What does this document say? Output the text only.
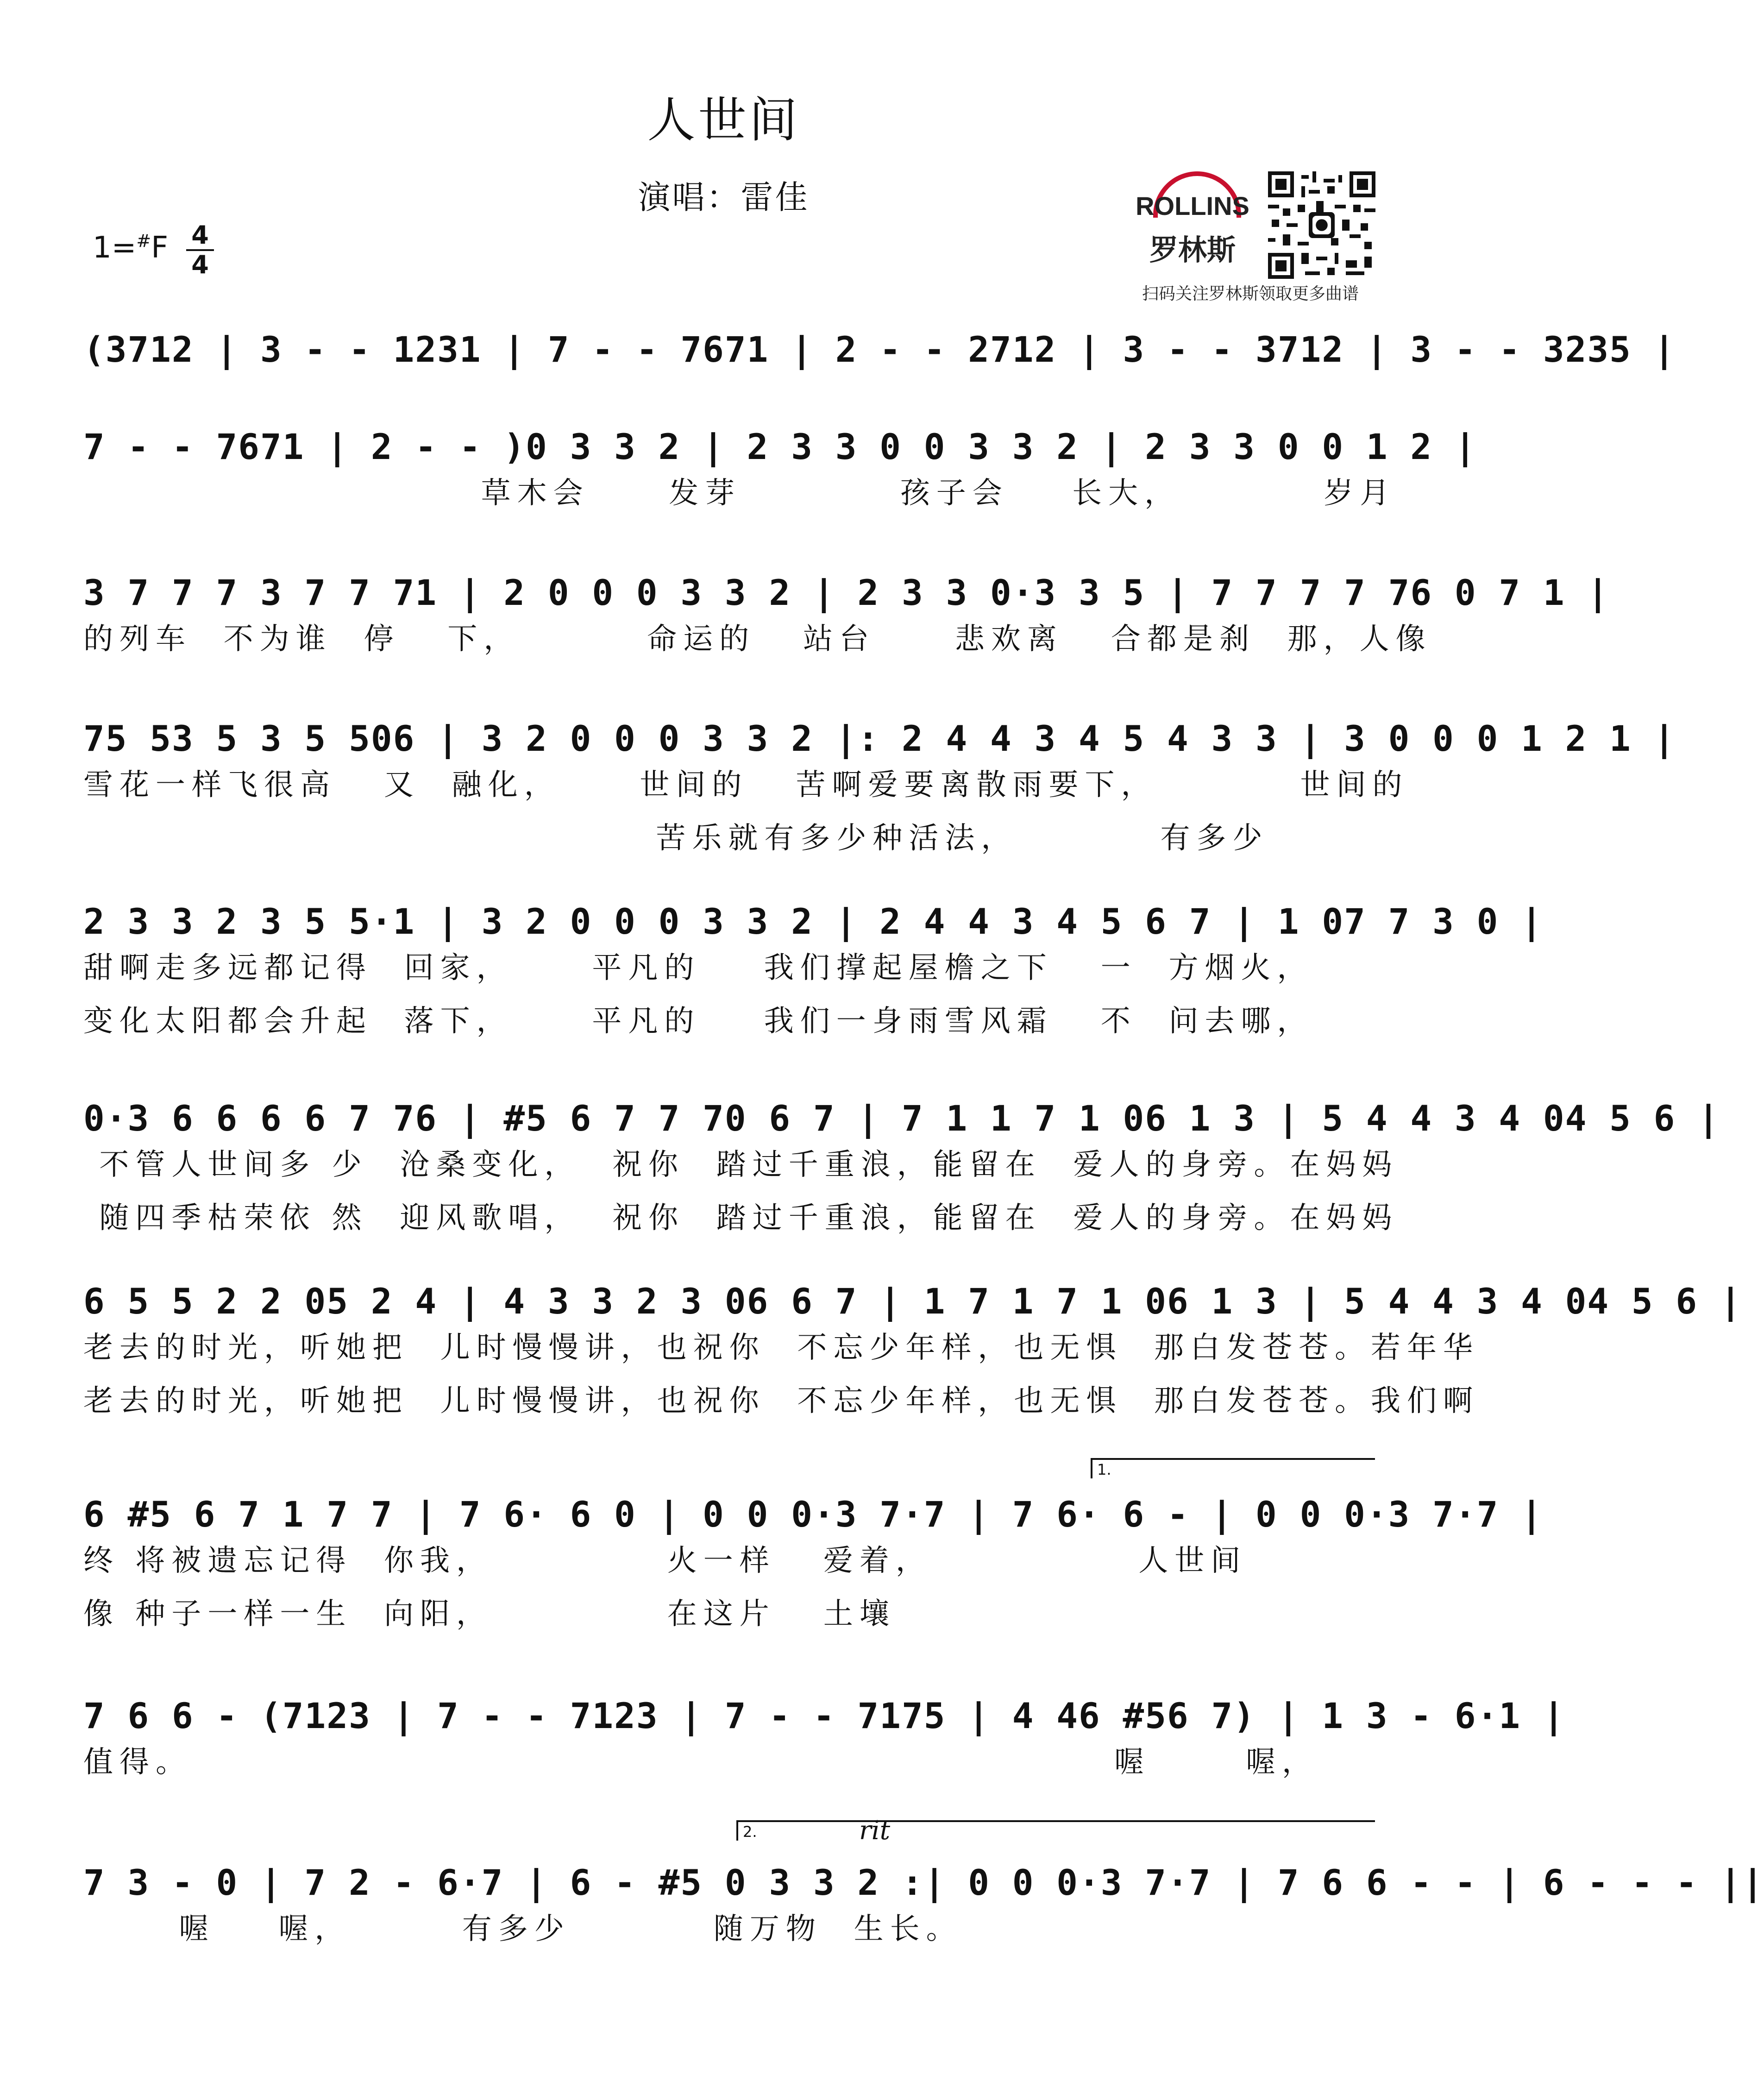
人世间
演唱：雷佳
1=#F 4
4
ROLLINS
罗林斯
扫码关注罗林斯领取更多曲谱
(3712 | 3 - - 1231 | 7 - - 7671 | 2 - - 2712 | 3 - - 3712 | 3 - - 3235 |
7 - - 7671 | 2 - - )0 3 3 2 | 2 3 3 0 0 3 3 2 | 2 3 3 0 0 1 2 |
草木会     发芽          孩子会    长大，         岁月
3 7 7 7 3 7 7 71 | 2 0 0 0 3 3 2 | 2 3 3 0·3 3 5 | 7 7 7 7 76 0 7 1 |
的列车  不为谁  停   下，        命运的   站台     悲欢离   合都是刹  那，人像
75 53 5 3 5 506 | 3 2 0 0 0 3 3 2 |: 2 4 4 3 4 5 4 3 3 | 3 0 0 0 1 2 1 |
雪花一样飞很高   又  融化，     世间的   苦啊爱要离散雨要下，         世间的
苦乐就有多少种活法，         有多少
2 3 3 2 3 5 5·1 | 3 2 0 0 0 3 3 2 | 2 4 4 3 4 5 6 7 | 1 07 7 3 0 |
甜啊走多远都记得  回家，     平凡的    我们撑起屋檐之下   一  方烟火，
变化太阳都会升起  落下，     平凡的    我们一身雨雪风霜   不  问去哪，
0·3 6 6 6 6 7 76 | #5 6 7 7 70 6 7 | 7 1 1 7 1 06 1 3 | 5 4 4 3 4 04 5 6 |
不管人世间多 少  沧桑变化，  祝你  踏过千重浪，能留在  爱人的身旁。在妈妈
随四季枯荣依 然  迎风歌唱，  祝你  踏过千重浪，能留在  爱人的身旁。在妈妈
6 5 5 2 2 05 2 4 | 4 3 3 2 3 06 6 7 | 1 7 1 7 1 06 1 3 | 5 4 4 3 4 04 5 6 |
老去的时光，听她把  儿时慢慢讲，也祝你  不忘少年样，也无惧  那白发苍苍。若年华
老去的时光，听她把  儿时慢慢讲，也祝你  不忘少年样，也无惧  那白发苍苍。我们啊
1.
6 #5 6 7 1 7 7 | 7 6· 6 0 | 0 0 0·3 7·7 | 7 6· 6 - | 0 0 0·3 7·7 |
终 将被遗忘记得  你我，           火一样   爱着，             人世间
像 种子一样一生  向阳，           在这片   土壤
7 6 6 - (7123 | 7 - - 7123 | 7 - - 7175 | 4 46 #56 7) | 1 3 - 6·1 |
值得。                                                          喔      喔，
2.	rit
7 3 - 0 | 7 2 - 6·7 | 6 - #5 0 3 3 2 :| 0 0 0·3 7·7 | 7 6 6 - - | 6 - - - ||
喔    喔，       有多少         随万物  生长。
